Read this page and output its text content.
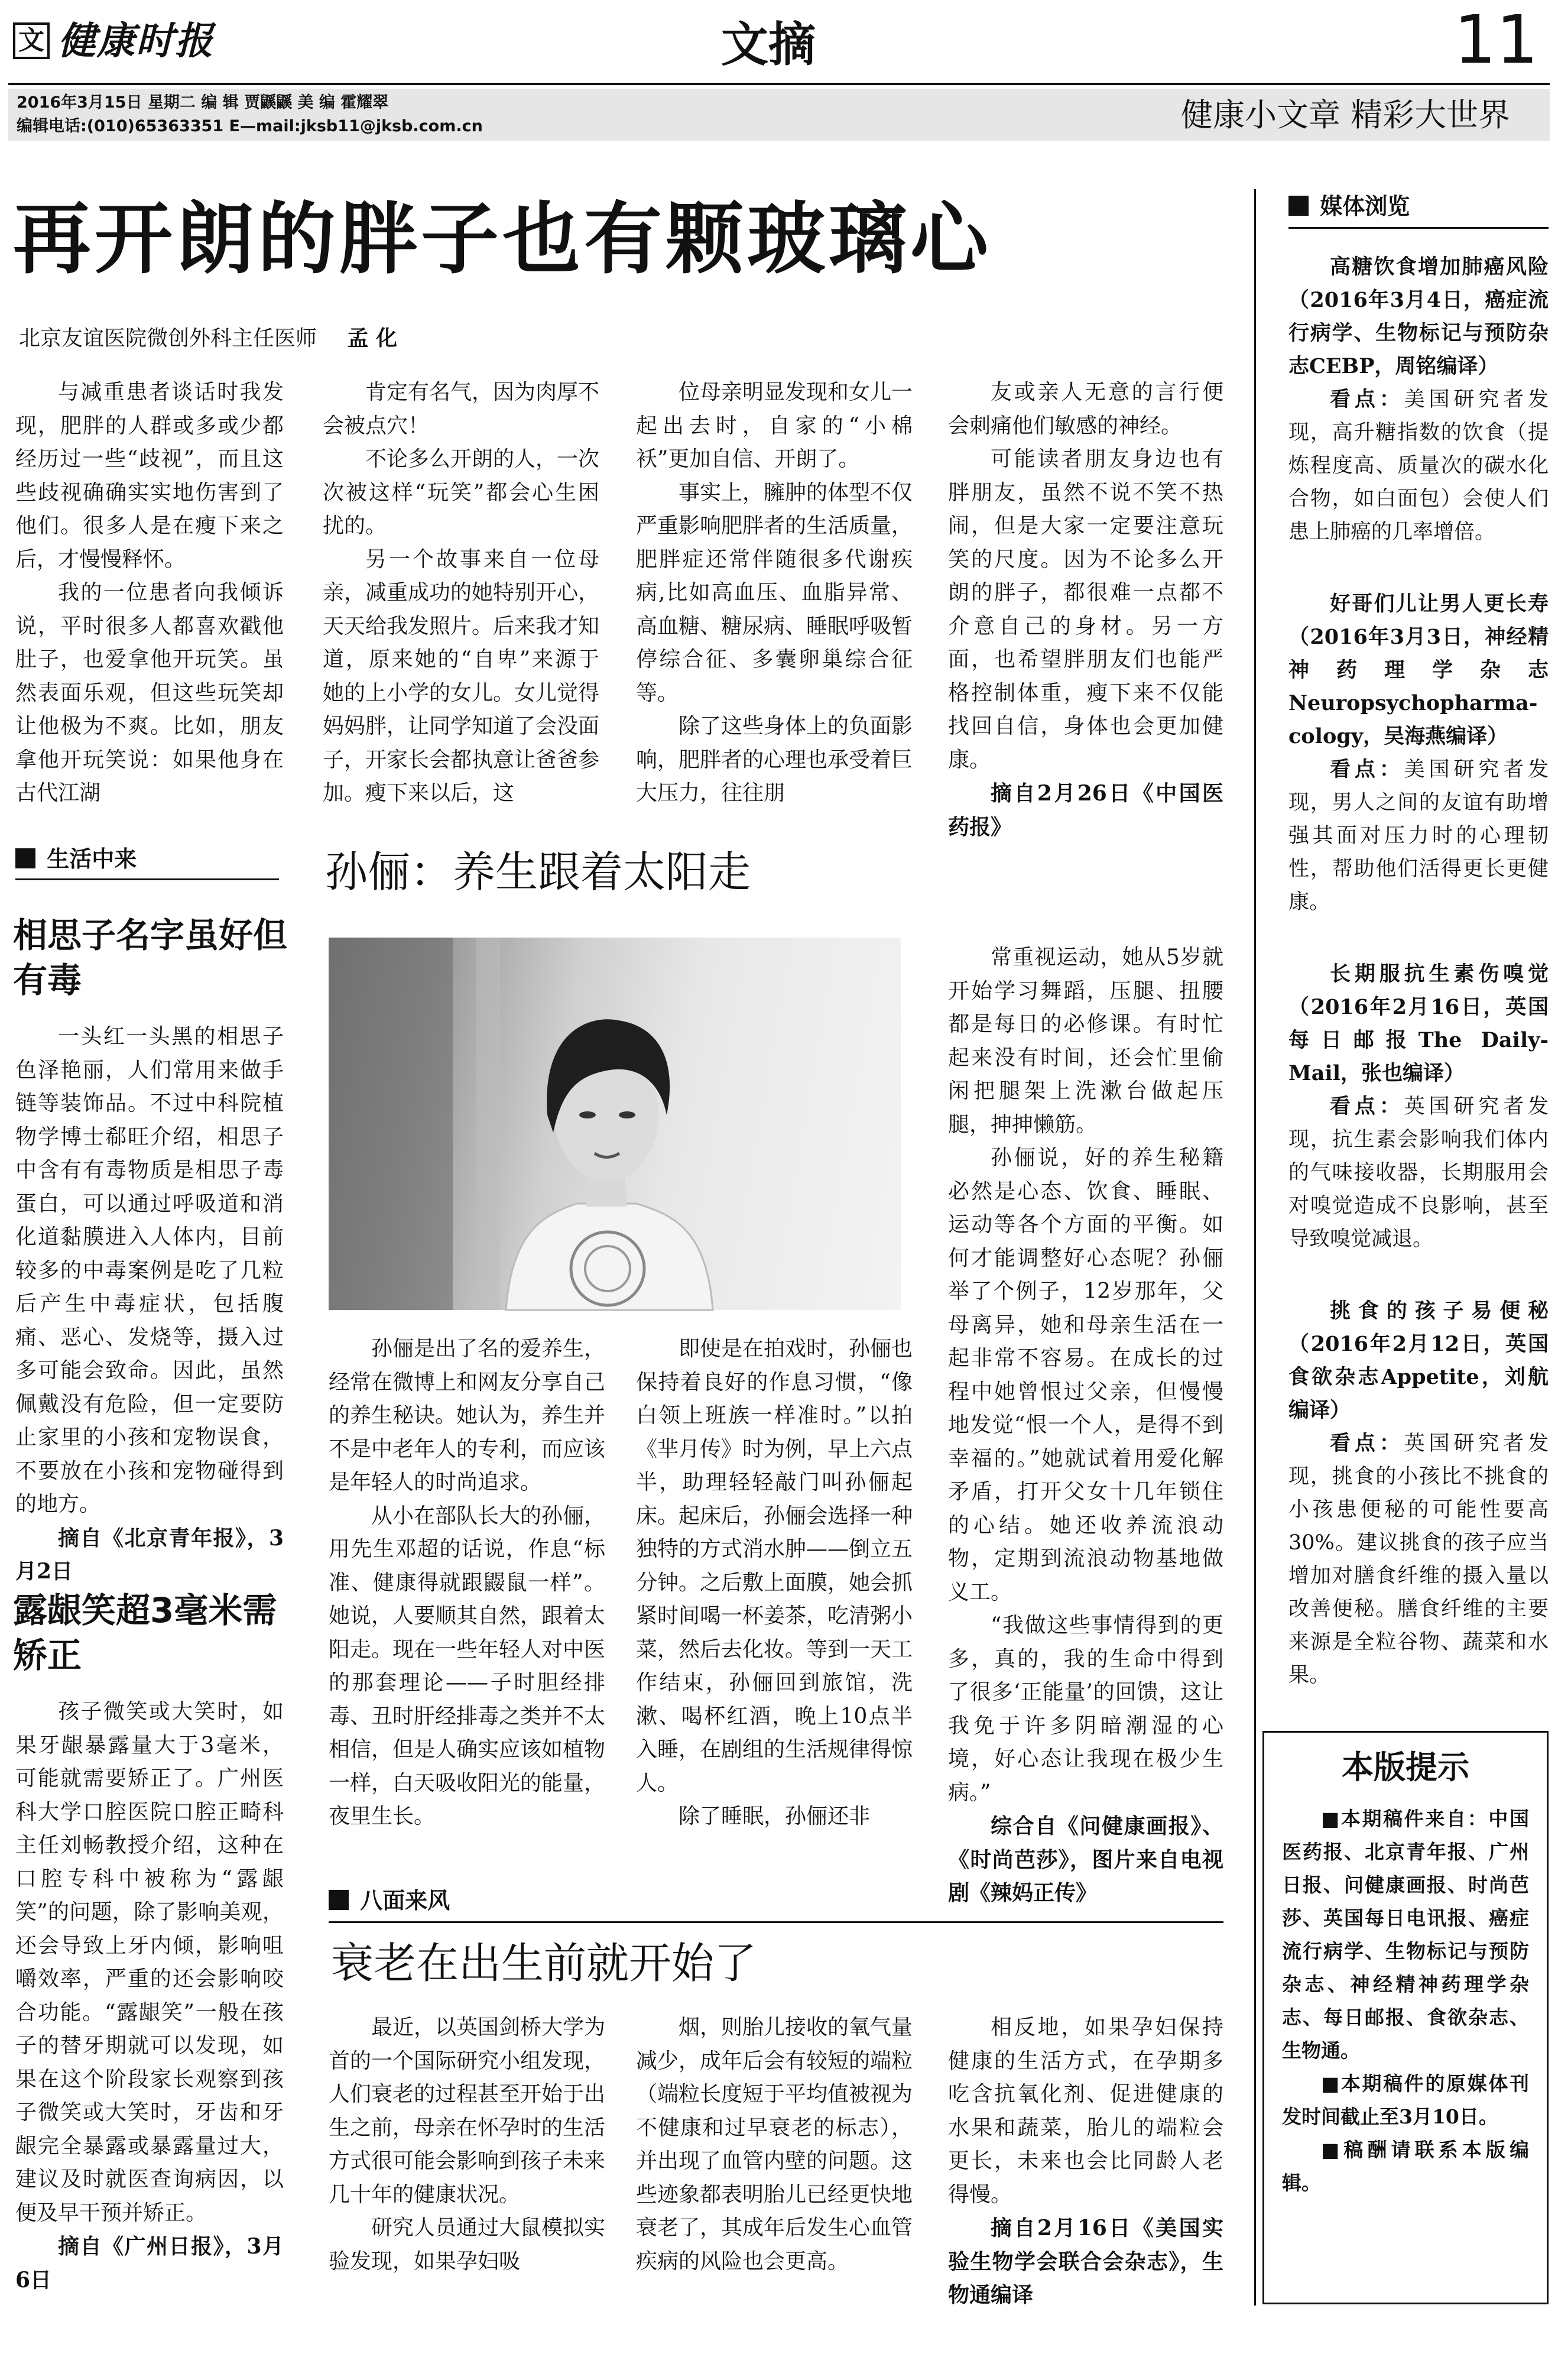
文 健康时报	文摘	11
2016年3月15日 星期二 编 辑 贾鼷鼷 美 编 霍耀翠
编辑电话:(010)65363351 E—mail:jksb11@jksb.com.cn	健康小文章 精彩大世界
再开朗的胖子也有颗玻璃心
北京友谊医院微创外科主任医师 孟 化

与减重患者谈话时我发现，肥胖的人群或多或少都经历过一些“歧视”，而且这些歧视确确实实地伤害到了他们。很多人是在瘦下来之后，才慢慢释怀。

我的一位患者向我倾诉说，平时很多人都喜欢戳他肚子，也爱拿他开玩笑。虽然表面乐观，但这些玩笑却让他极为不爽。比如，朋友拿他开玩笑说：如果他身在古代江湖

肯定有名气，因为肉厚不会被点穴！

不论多么开朗的人，一次次被这样“玩笑”都会心生困扰的。

另一个故事来自一位母亲，减重成功的她特别开心，天天给我发照片。后来我才知道，原来她的“自卑”来源于她的上小学的女儿。女儿觉得妈妈胖，让同学知道了会没面子，开家长会都执意让爸爸参加。瘦下来以后，这

位母亲明显发现和女儿一起出去时，自家的“小棉袄”更加自信、开朗了。

事实上，臃肿的体型不仅严重影响肥胖者的生活质量，肥胖症还常伴随很多代谢疾病,比如高血压、血脂异常、高血糖、糖尿病、睡眠呼吸暂停综合征、多囊卵巢综合征等。

除了这些身体上的负面影响，肥胖者的心理也承受着巨大压力，往往朋

友或亲人无意的言行便会刺痛他们敏感的神经。

可能读者朋友身边也有胖朋友，虽然不说不笑不热闹，但是大家一定要注意玩笑的尺度。因为不论多么开朗的胖子，都很难一点都不介意自己的身材。另一方面，也希望胖朋友们也能严格控制体重，瘦下来不仅能找回自信，身体也会更加健康。

摘自2月26日《中国医药报》

生活中来
相思子名字虽好但有毒

一头红一头黑的相思子色泽艳丽，人们常用来做手链等装饰品。不过中科院植物学博士郗旺介绍，相思子中含有有毒物质是相思子毒蛋白，可以通过呼吸道和消化道黏膜进入人体内，目前较多的中毒案例是吃了几粒后产生中毒症状，包括腹痛、恶心、发烧等，摄入过多可能会致命。因此，虽然佩戴没有危险，但一定要防止家里的小孩和宠物误食，不要放在小孩和宠物碰得到的地方。

摘自《北京青年报》，3月2日

露龈笑超3毫米需矫正

孩子微笑或大笑时，如果牙龈暴露量大于3毫米，可能就需要矫正了。广州医科大学口腔医院口腔正畸科主任刘畅教授介绍，这种在口腔专科中被称为“露龈笑”的问题，除了影响美观，还会导致上牙内倾，影响咀嚼效率，严重的还会影响咬合功能。“露龈笑”一般在孩子的替牙期就可以发现，如果在这个阶段家长观察到孩子微笑或大笑时，牙齿和牙龈完全暴露或暴露量过大，建议及时就医查询病因，以便及早干预并矫正。

摘自《广州日报》，3月6日

孙俪：养生跟着太阳走

常重视运动，她从5岁就开始学习舞蹈，压腿、扭腰都是每日的必修课。有时忙起来没有时间，还会忙里偷闲把腿架上洗漱台做起压腿，抻抻懒筋。

孙俪说，好的养生秘籍必然是心态、饮食、睡眠、运动等各个方面的平衡。如何才能调整好心态呢？孙俪举了个例子，12岁那年，父母离异，她和母亲生活在一起非常不容易。在成长的过程中她曾恨过父亲，但慢慢地发觉“恨一个人，是得不到幸福的。”她就试着用爱化解矛盾，打开父女十几年锁住的心结。她还收养流浪动物，定期到流浪动物基地做义工。

“我做这些事情得到的更多，真的，我的生命中得到了很多‘正能量’的回馈，这让我免于许多阴暗潮湿的心境，好心态让我现在极少生病。”

综合自《问健康画报》、《时尚芭莎》，图片来自电视剧《辣妈正传》

孙俪是出了名的爱养生，经常在微博上和网友分享自己的养生秘诀。她认为，养生并不是中老年人的专利，而应该是年轻人的时尚追求。

从小在部队长大的孙俪，用先生邓超的话说，作息“标准、健康得就跟鼹鼠一样”。她说，人要顺其自然，跟着太阳走。现在一些年轻人对中医的那套理论——子时胆经排毒、丑时肝经排毒之类并不太相信，但是人确实应该如植物一样，白天吸收阳光的能量，夜里生长。

即使是在拍戏时，孙俪也保持着良好的作息习惯，“像白领上班族一样准时。”以拍《芈月传》时为例，早上六点半，助理轻轻敲门叫孙俪起床。起床后，孙俪会选择一种独特的方式消水肿——倒立五分钟。之后敷上面膜，她会抓紧时间喝一杯姜茶，吃清粥小菜，然后去化妆。等到一天工作结束，孙俪回到旅馆，洗漱、喝杯红酒，晚上10点半入睡，在剧组的生活规律得惊人。

除了睡眠，孙俪还非

八面来风
衰老在出生前就开始了

最近，以英国剑桥大学为首的一个国际研究小组发现，人们衰老的过程甚至开始于出生之前，母亲在怀孕时的生活方式很可能会影响到孩子未来几十年的健康状况。

研究人员通过大鼠模拟实验发现，如果孕妇吸

烟，则胎儿接收的氧气量减少，成年后会有较短的端粒（端粒长度短于平均值被视为不健康和过早衰老的标志），并出现了血管内壁的问题。这些迹象都表明胎儿已经更快地衰老了，其成年后发生心血管疾病的风险也会更高。

相反地，如果孕妇保持健康的生活方式，在孕期多吃含抗氧化剂、促进健康的水果和蔬菜，胎儿的端粒会更长，未来也会比同龄人老得慢。

摘自2月16日《美国实验生物学会联合会杂志》，生物通编译

媒体浏览

高糖饮食增加肺癌风险（2016年3月4日，癌症流行病学、生物标记与预防杂志CEBP，周铭编译）

看点：美国研究者发现，高升糖指数的饮食（提炼程度高、质量次的碳水化合物，如白面包）会使人们患上肺癌的几率增倍。

好哥们儿让男人更长寿（2016年3月3日，神经精神药理学杂志Neuropsychopharma-cology，吴海燕编译）

看点：美国研究者发现，男人之间的友谊有助增强其面对压力时的心理韧性，帮助他们活得更长更健康。

长期服抗生素伤嗅觉（2016年2月16日，英国每日邮报The Daily-Mail，张也编译）

看点：英国研究者发现，抗生素会影响我们体内的气味接收器，长期服用会对嗅觉造成不良影响，甚至导致嗅觉减退。

挑食的孩子易便秘（2016年2月12日，英国食欲杂志Appetite，刘航编译）

看点：英国研究者发现，挑食的小孩比不挑食的小孩患便秘的可能性要高30%。建议挑食的孩子应当增加对膳食纤维的摄入量以改善便秘。膳食纤维的主要来源是全粒谷物、蔬菜和水果。

本版提示

■本期稿件来自：中国医药报、北京青年报、广州日报、问健康画报、时尚芭莎、英国每日电讯报、癌症流行病学、生物标记与预防杂志、神经精神药理学杂志、每日邮报、食欲杂志、生物通。

■本期稿件的原媒体刊发时间截止至3月10日。

■稿酬请联系本版编辑。
